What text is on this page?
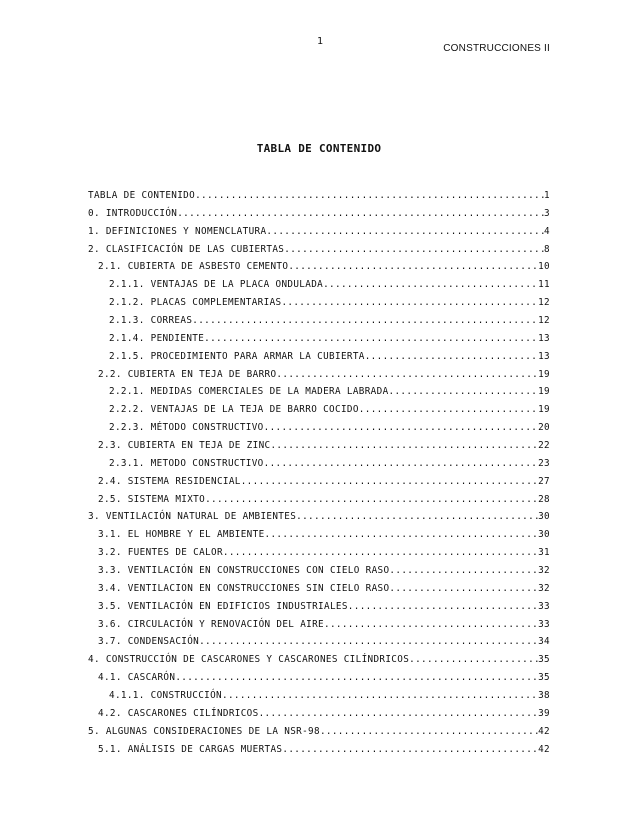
1
CONSTRUCCIONES II
TABLA DE CONTENIDO
TABLA DE CONTENIDO .....	1
0. INTRODUCCIÓN .....	3
1. DEFINICIONES Y NOMENCLATURA .....	4
2. CLASIFICACIÓN DE LAS CUBIERTAS .....	8
2.1. CUBIERTA DE ASBESTO CEMENTO .....	10
2.1.1. VENTAJAS DE LA PLACA ONDULADA .....	11
2.1.2. PLACAS COMPLEMENTARIAS .....	12
2.1.3. CORREAS .....	12
2.1.4. PENDIENTE .....	13
2.1.5. PROCEDIMIENTO PARA ARMAR LA CUBIERTA .....	13
2.2. CUBIERTA EN TEJA DE BARRO .....	19
2.2.1. MEDIDAS COMERCIALES DE LA MADERA LABRADA .....	19
2.2.2. VENTAJAS DE LA TEJA DE BARRO COCIDO .....	19
2.2.3. MÉTODO CONSTRUCTIVO .....	20
2.3. CUBIERTA EN TEJA DE ZINC .....	22
2.3.1. METODO CONSTRUCTIVO .....	23
2.4. SISTEMA RESIDENCIAL .....	27
2.5. SISTEMA MIXTO .....	28
3. VENTILACIÓN NATURAL DE AMBIENTES .....	30
3.1. EL HOMBRE Y EL AMBIENTE .....	30
3.2. FUENTES DE CALOR .....	31
3.3. VENTILACIÓN EN CONSTRUCCIONES CON CIELO RASO .....	32
3.4. VENTILACION EN CONSTRUCCIONES SIN CIELO RASO .....	32
3.5. VENTILACIÓN EN EDIFICIOS INDUSTRIALES .....	33
3.6. CIRCULACIÓN Y RENOVACIÓN DEL AIRE .....	33
3.7. CONDENSACIÓN .....	34
4. CONSTRUCCIÓN DE CASCARONES Y CASCARONES CILÍNDRICOS .....	35
4.1. CASCARÓN .....	35
4.1.1. CONSTRUCCIÓN .....	38
4.2. CASCARONES CILÍNDRICOS .....	39
5. ALGUNAS CONSIDERACIONES DE LA NSR-98 .....	42
5.1. ANÁLISIS DE CARGAS MUERTAS .....	42
